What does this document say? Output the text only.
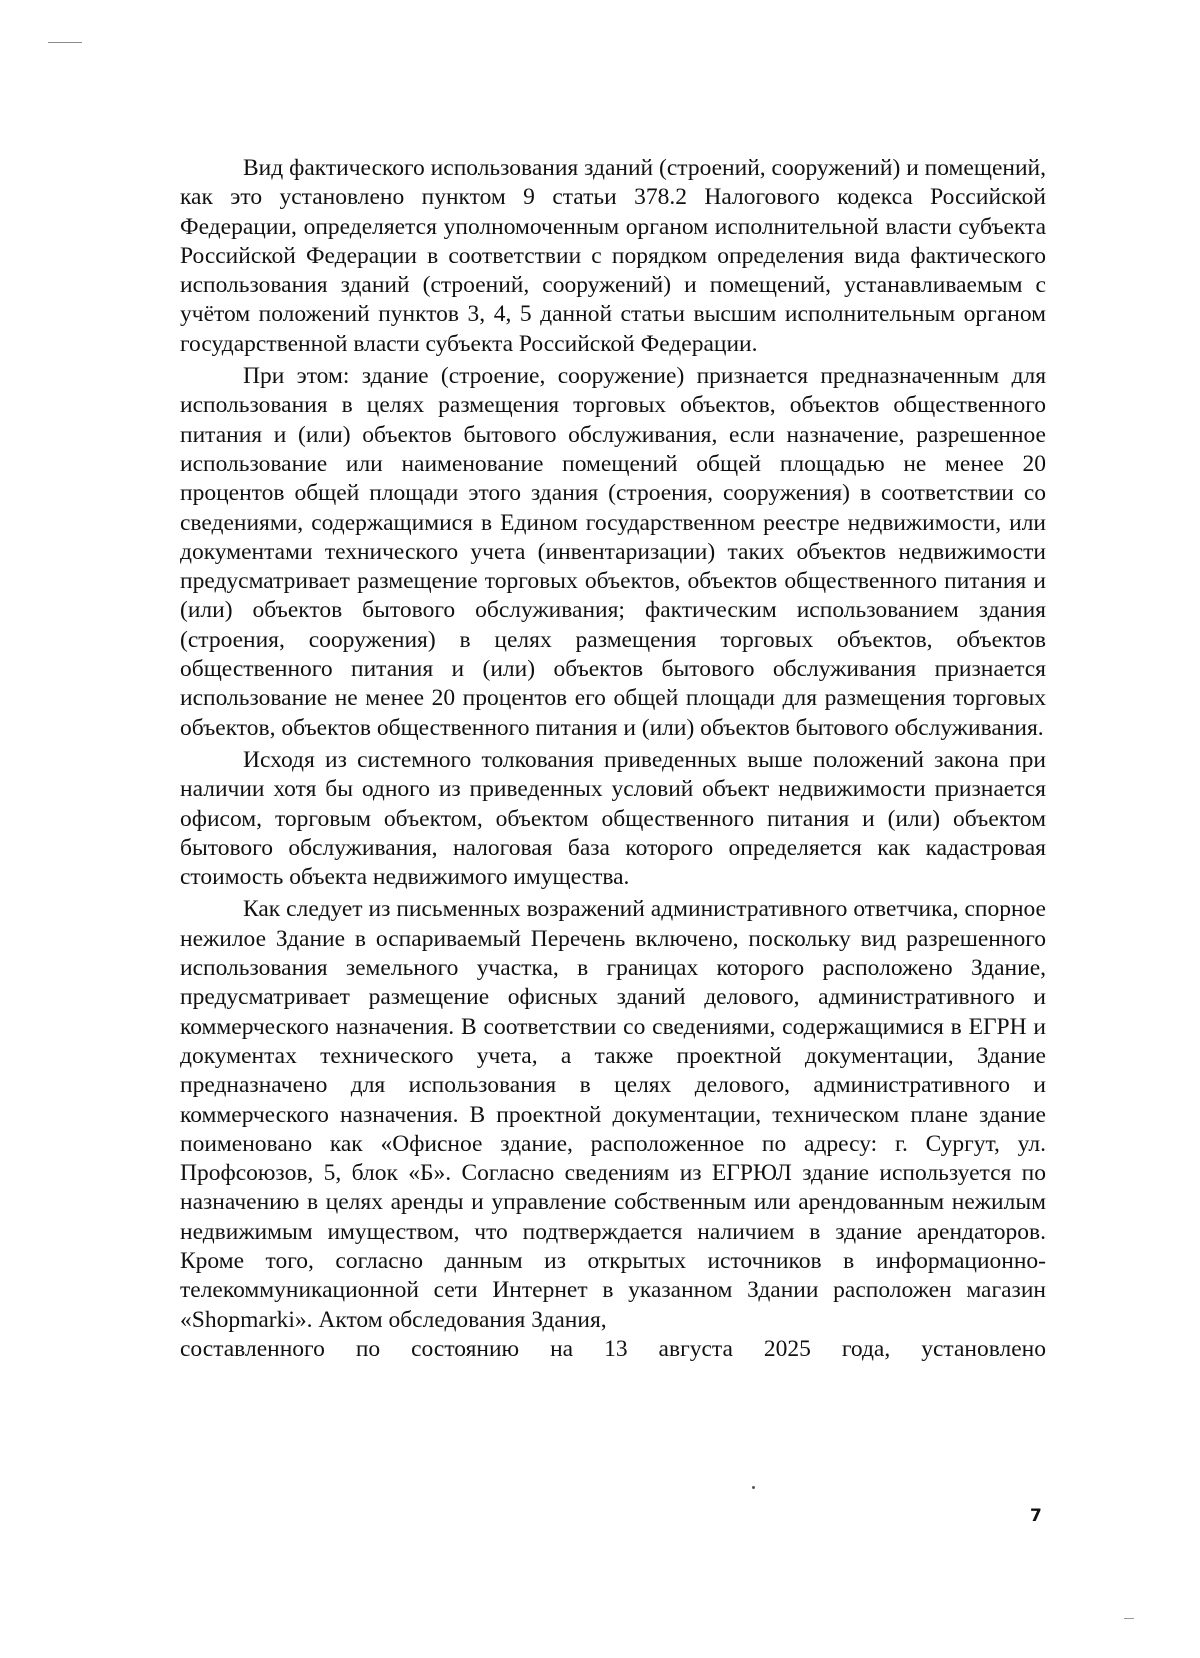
Вид фактического использования зданий (строений, сооружений) и помещений, как это установлено пунктом 9 статьи 378.2 Налогового кодекса Российской Федерации, определяется уполномоченным органом исполнительной власти субъекта Российской Федерации в соответствии с порядком определения вида фактического использования зданий (строений, сооружений) и помещений, устанавливаемым с учётом положений пунктов 3, 4, 5 данной статьи высшим исполнительным органом государственной власти субъекта Российской Федерации.

При этом: здание (строение, сооружение) признается предназначенным для использования в целях размещения торговых объектов, объектов общественного питания и (или) объектов бытового обслуживания, если назначение, разрешенное использование или наименование помещений общей площадью не менее 20 процентов общей площади этого здания (строения, сооружения) в соответствии со сведениями, содержащимися в Едином государственном реестре недвижимости, или документами технического учета (инвентаризации) таких объектов недвижимости предусматривает размещение торговых объектов, объектов общественного питания и (или) объектов бытового обслуживания; фактическим использованием здания (строения, сооружения) в целях размещения торговых объектов, объектов общественного питания и (или) объектов бытового обслуживания признается использование не менее 20 процентов его общей площади для размещения торговых объектов, объектов общественного питания и (или) объектов бытового обслуживания.

Исходя из системного толкования приведенных выше положений закона при наличии хотя бы одного из приведенных условий объект недвижимости признается офисом, торговым объектом, объектом общественного питания и (или) объектом бытового обслуживания, налоговая база которого определяется как кадастровая стоимость объекта недвижимого имущества.

Как следует из письменных возражений административного ответчика, спорное нежилое Здание в оспариваемый Перечень включено, поскольку вид разрешенного использования земельного участка, в границах которого расположено Здание, предусматривает размещение офисных зданий делового, административного и коммерческого назначения. В соответствии со сведениями, содержащимися в ЕГРН и документах технического учета, а также проектной документации, Здание предназначено для использования в целях делового, административного и коммерческого назначения. В проектной документации, техническом плане здание поименовано как «Офисное здание, расположенное по адресу: г. Сургут, ул. Профсоюзов, 5, блок «Б». Согласно сведениям из ЕГРЮЛ здание используется по назначению в целях аренды и управление собственным или арендованным нежилым недвижимым имуществом, что подтверждается наличием в здание арендаторов. Кроме того, согласно данным из открытых источников в информационно-телекоммуникационной сети Интернет в указанном Здании расположен магазин «Shopmarki». Актом обследования Здания,

составленного по состоянию на 13 августа 2025 года, установлено

7
